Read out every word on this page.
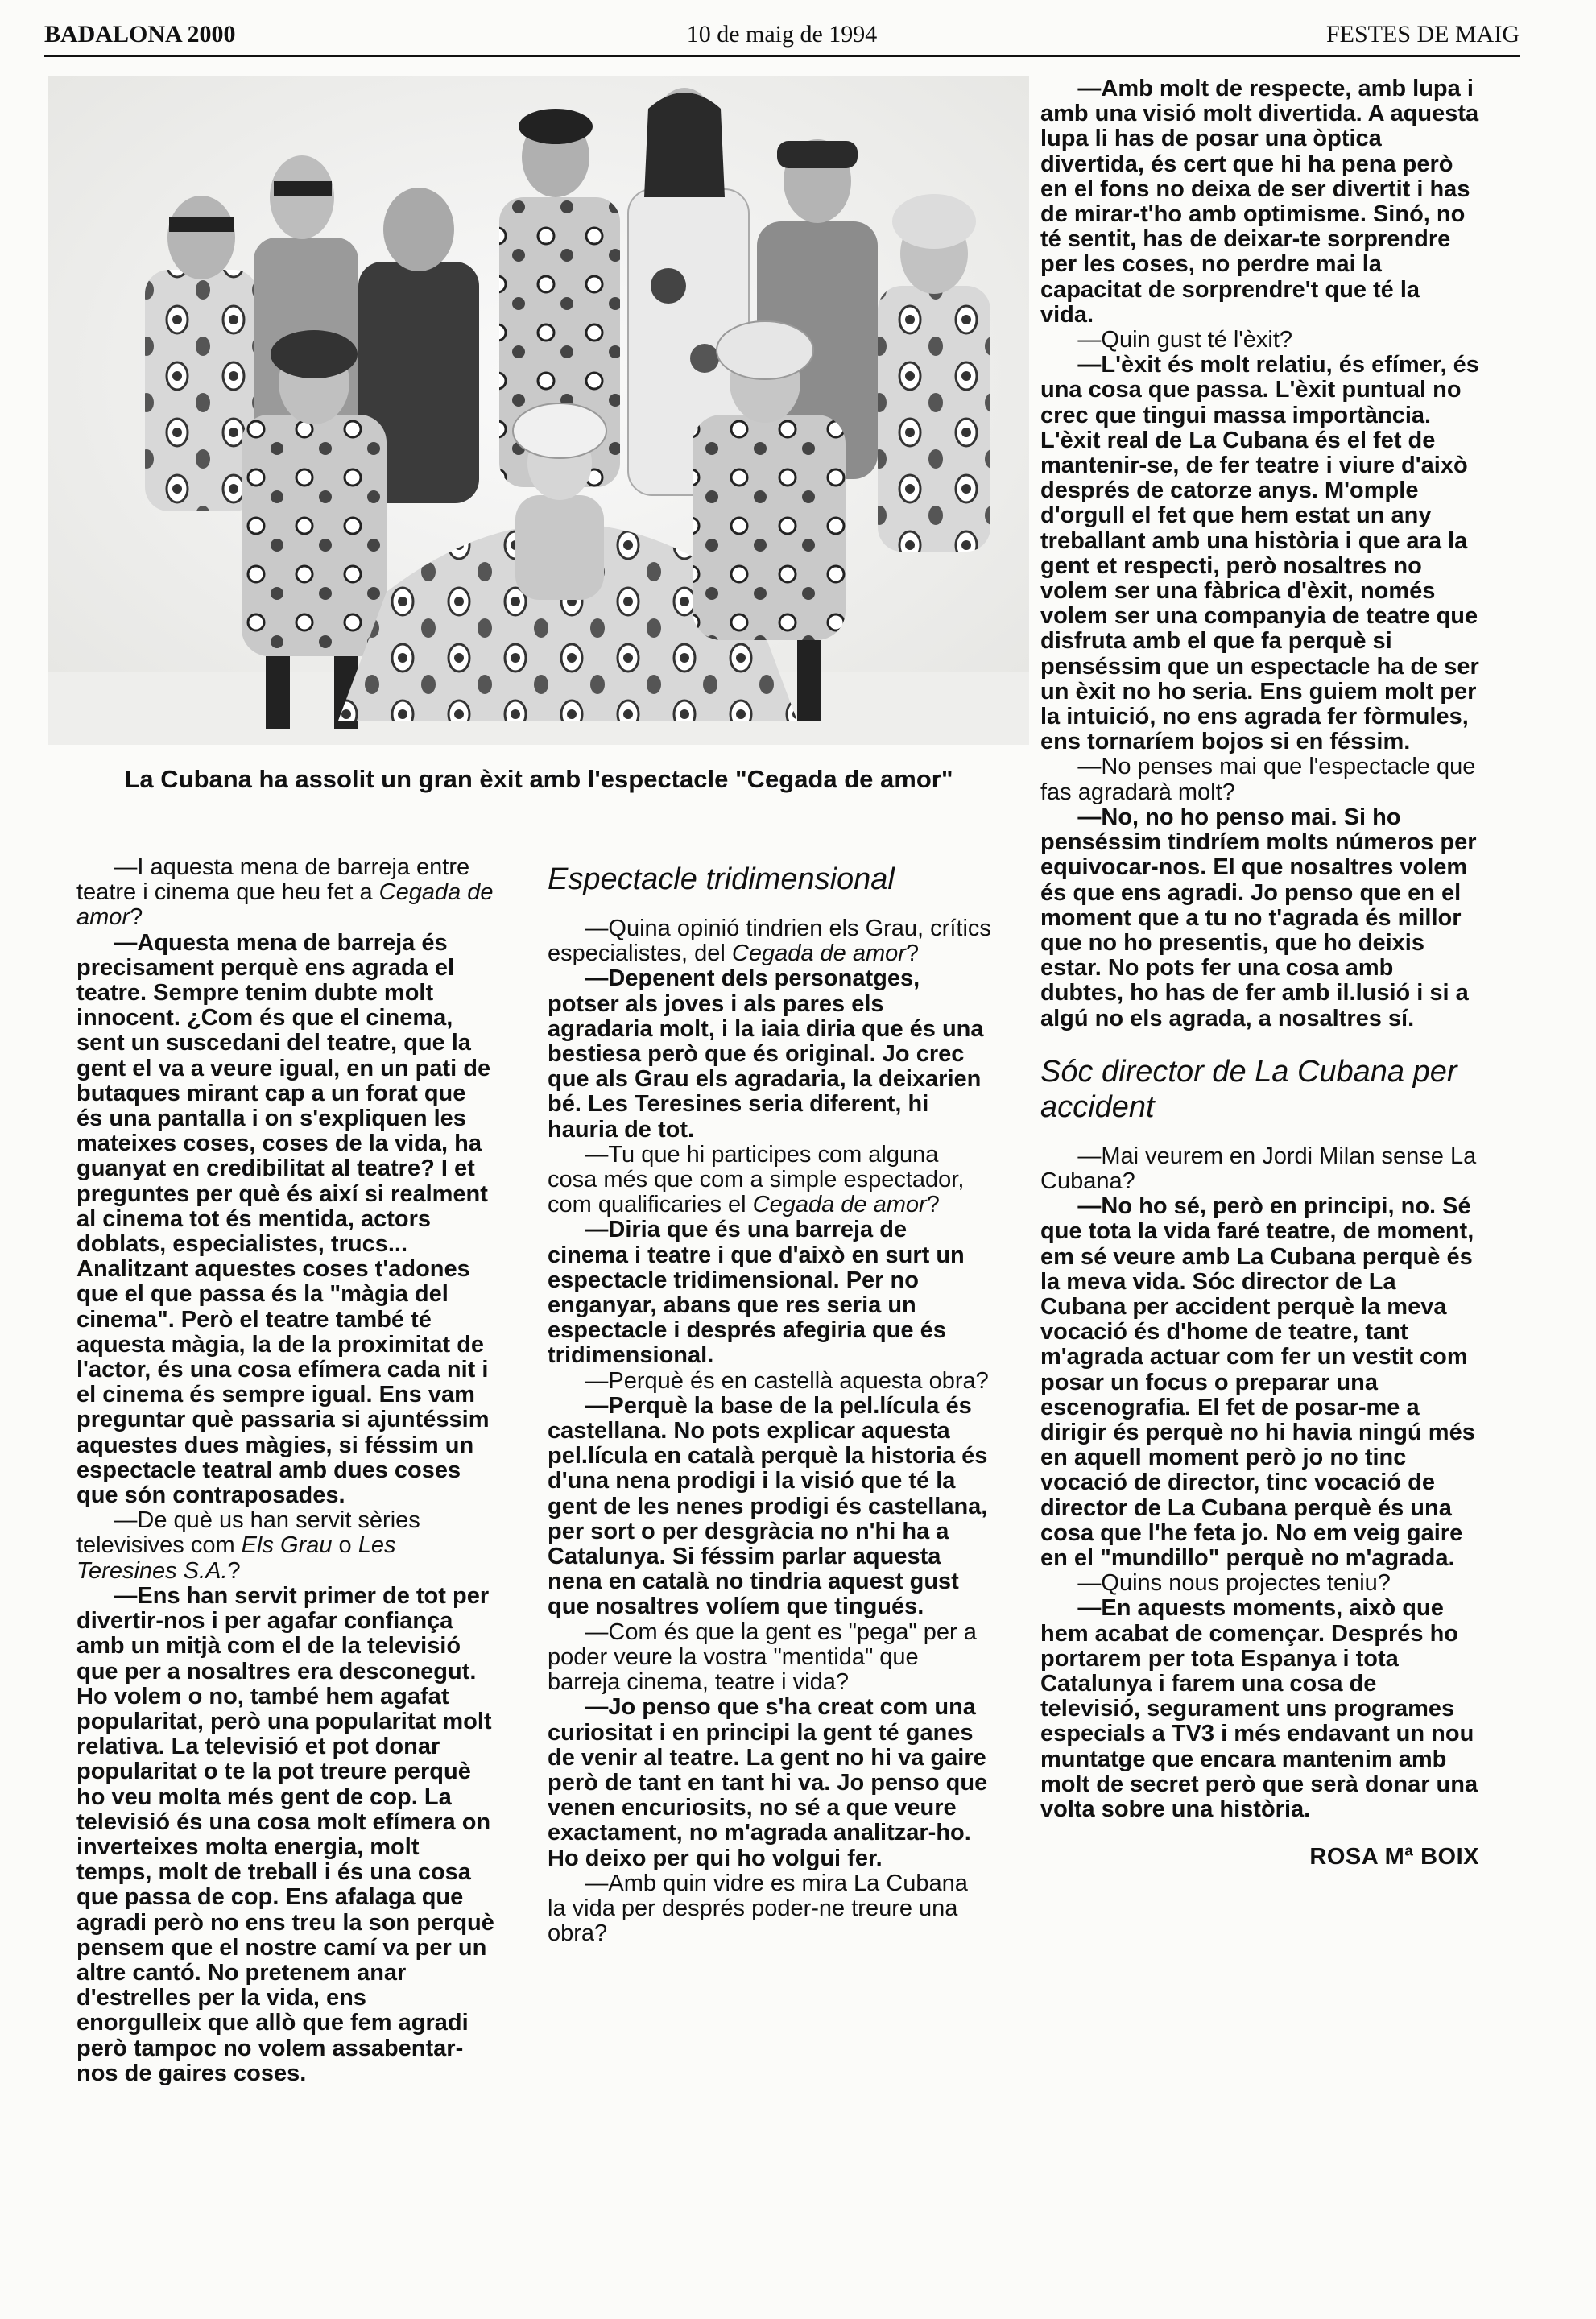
BADALONA 2000	10 de maig de 1994	FESTES DE MAIG
La Cubana ha assolit un gran èxit amb l'espectacle "Cegada de amor"

—I aquesta mena de barreja entre teatre i cinema que heu fet a Cegada de amor?

—Aquesta mena de barreja és precisament perquè ens agrada el teatre. Sempre tenim dubte molt innocent. ¿Com és que el cinema, sent un suscedani del teatre, que la gent el va a veure igual, en un pati de butaques mirant cap a un forat que és una pantalla i on s'expliquen les mateixes coses, coses de la vida, ha guanyat en credibilitat al teatre? I et preguntes per què és així si realment al cinema tot és mentida, actors doblats, especialistes, trucs... Analitzant aquestes coses t'adones que el que passa és la "màgia del cinema". Però el teatre també té aquesta màgia, la de la proximitat de l'actor, és una cosa efímera cada nit i el cinema és sempre igual. Ens vam preguntar què passaria si ajuntéssim aquestes dues màgies, si féssim un espectacle teatral amb dues coses que són contraposades.

—De què us han servit sèries televisives com Els Grau o Les Teresines S.A.?

—Ens han servit primer de tot per divertir-nos i per agafar confiança amb un mitjà com el de la televisió que per a nosaltres era desconegut. Ho volem o no, també hem agafat popularitat, però una popularitat molt relativa. La televisió et pot donar popularitat o te la pot treure perquè ho veu molta més gent de cop. La televisió és una cosa molt efímera on inverteixes molta energia, molt temps, molt de treball i és una cosa que passa de cop. Ens afalaga que agradi però no ens treu la son perquè pensem que el nostre camí va per un altre cantó. No pretenem anar d'estrelles per la vida, ens enorgulleix que allò que fem agradi però tampoc no volem assabentar-nos de gaires coses.

Espectacle tridimensional

—Quina opinió tindrien els Grau, crítics especialistes, del Cegada de amor?

—Depenent dels personatges, potser als joves i als pares els agradaria molt, i la iaia diria que és una bestiesa però que és original. Jo crec que als Grau els agradaria, la deixarien bé. Les Teresines seria diferent, hi hauria de tot.

—Tu que hi participes com alguna cosa més que com a simple espectador, com qualificaries el Cegada de amor?

—Diria que és una barreja de cinema i teatre i que d'això en surt un espectacle tridimensional. Per no enganyar, abans que res seria un espectacle i després afegiria que és tridimensional.

—Perquè és en castellà aquesta obra?

—Perquè la base de la pel.lícula és castellana. No pots explicar aquesta pel.lícula en català perquè la historia és d'una nena prodigi i la visió que té la gent de les nenes prodigi és castellana, per sort o per desgràcia no n'hi ha a Catalunya. Si féssim parlar aquesta nena en català no tindria aquest gust que nosaltres volíem que tingués.

—Com és que la gent es "pega" per a poder veure la vostra "mentida" que barreja cinema, teatre i vida?

—Jo penso que s'ha creat com una curiositat i en principi la gent té ganes de venir al teatre. La gent no hi va gaire però de tant en tant hi va. Jo penso que venen encuriosits, no sé a que veure exactament, no m'agrada analitzar-ho. Ho deixo per qui ho volgui fer.

—Amb quin vidre es mira La Cubana la vida per després poder-ne treure una obra?

—Amb molt de respecte, amb lupa i amb una visió molt divertida. A aquesta lupa li has de posar una òptica divertida, és cert que hi ha pena però en el fons no deixa de ser divertit i has de mirar-t'ho amb optimisme. Sinó, no té sentit, has de deixar-te sorprendre per les coses, no perdre mai la capacitat de sorprendre't que té la vida.

—Quin gust té l'èxit?

—L'èxit és molt relatiu, és efímer, és una cosa que passa. L'èxit puntual no crec que tingui massa importància. L'èxit real de La Cubana és el fet de mantenir-se, de fer teatre i viure d'això després de catorze anys. M'omple d'orgull el fet que hem estat un any treballant amb una història i que ara la gent et respecti, però nosaltres no volem ser una fàbrica d'èxit, només volem ser una companyia de teatre que disfruta amb el que fa perquè si penséssim que un espectacle ha de ser un èxit no ho seria. Ens guiem molt per la intuició, no ens agrada fer fòrmules, ens tornaríem bojos si en féssim.

—No penses mai que l'espectacle que fas agradarà molt?

—No, no ho penso mai. Si ho penséssim tindríem molts números per equivocar-nos. El que nosaltres volem és que ens agradi. Jo penso que en el moment que a tu no t'agrada és millor que no ho presentis, que ho deixis estar. No pots fer una cosa amb dubtes, ho has de fer amb il.lusió i si a algú no els agrada, a nosaltres sí.

Sóc director de La Cubana per accident

—Mai veurem en Jordi Milan sense La Cubana?

—No ho sé, però en principi, no. Sé que tota la vida faré teatre, de moment, em sé veure amb La Cubana perquè és la meva vida. Sóc director de La Cubana per accident perquè la meva vocació és d'home de teatre, tant m'agrada actuar com fer un vestit com posar un focus o preparar una escenografia. El fet de posar-me a dirigir és perquè no hi havia ningú més en aquell moment però jo no tinc vocació de director, tinc vocació de director de La Cubana perquè és una cosa que l'he feta jo. No em veig gaire en el "mundillo" perquè no m'agrada.

—Quins nous projectes teniu?

—En aquests moments, això que hem acabat de començar. Després ho portarem per tota Espanya i tota Catalunya i farem una cosa de televisió, segurament uns programes especials a TV3 i més endavant un nou muntatge que encara mantenim amb molt de secret però que serà donar una volta sobre una història.

ROSA Mª BOIX
